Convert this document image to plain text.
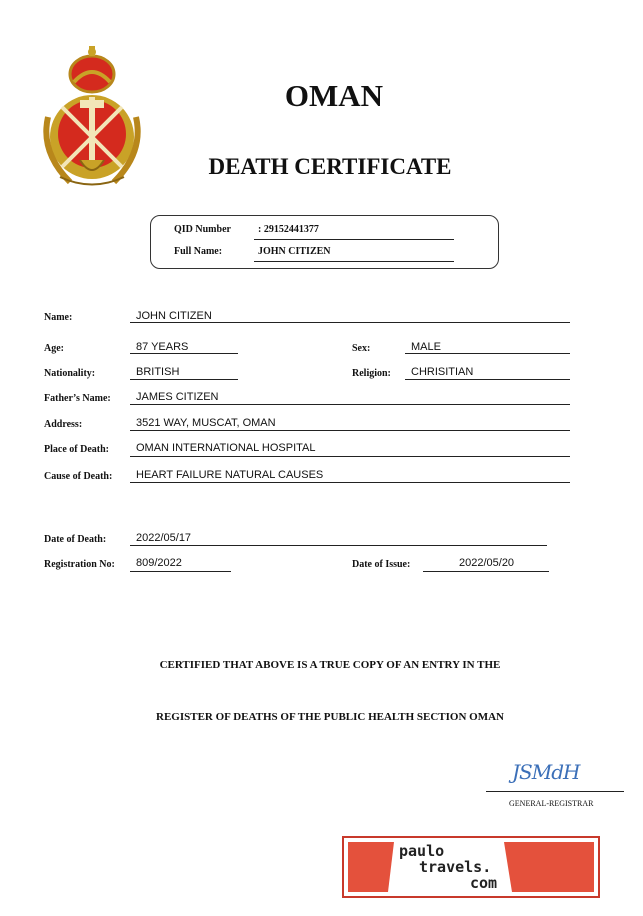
OMAN
DEATH CERTIFICATE
QID Number	: 29152441377
Full Name:	JOHN CITIZEN
Name:	JOHN CITIZEN
Age:	87 YEARS	Sex:	MALE
Nationality:	BRITISH	Religion: CHRISITIAN
Father’s Name: JAMES CITIZEN
Address:	3521 WAY, MUSCAT, OMAN
Place of Death: OMAN INTERNATIONAL HOSPITAL
Cause of Death: HEART FAILURE NATURAL CAUSES
Date of Death:	2022/05/17
Registration No: 809/2022	Date of Issue:	2022/05/20
CERTIFIED THAT ABOVE IS A TRUE COPY OF AN ENTRY IN THE
REGISTER OF DEATHS OF THE PUBLIC HEALTH SECTION OMAN
JSMdH
GENERAL-REGISTRAR
paulo
travels.
com
